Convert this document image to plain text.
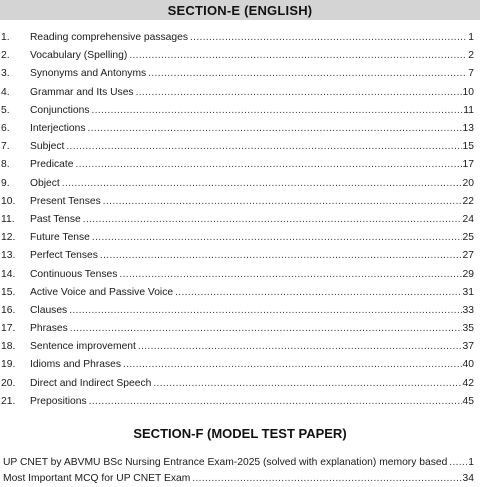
SECTION-E (ENGLISH)
1.	Reading comprehensive passages .....	1
2.	Vocabulary (Spelling) .....	2
3.	Synonyms and Antonyms .....	7
4.	Grammar and Its Uses .....	10
5.	Conjunctions .....	11
6.	Interjections .....	13
7.	Subject .....	15
8.	Predicate .....	17
9.	Object .....	20
10.	Present Tenses .....	22
11.	Past Tense .....	24
12.	Future Tense .....	25
13.	Perfect Tenses .....	27
14.	Continuous Tenses .....	29
15.	Active Voice and Passive Voice .....	31
16.	Clauses .....	33
17.	Phrases .....	35
18.	Sentence improvement .....	37
19.	Idioms and Phrases .....	40
20.	Direct and Indirect Speech .....	42
21.	Prepositions .....	45
SECTION-F (MODEL TEST PAPER)
UP CNET by ABVMU BSc Nursing Entrance Exam-2025 (solved with explanation) memory based ..... 1
Most Important MCQ for UP CNET Exam .....	34
